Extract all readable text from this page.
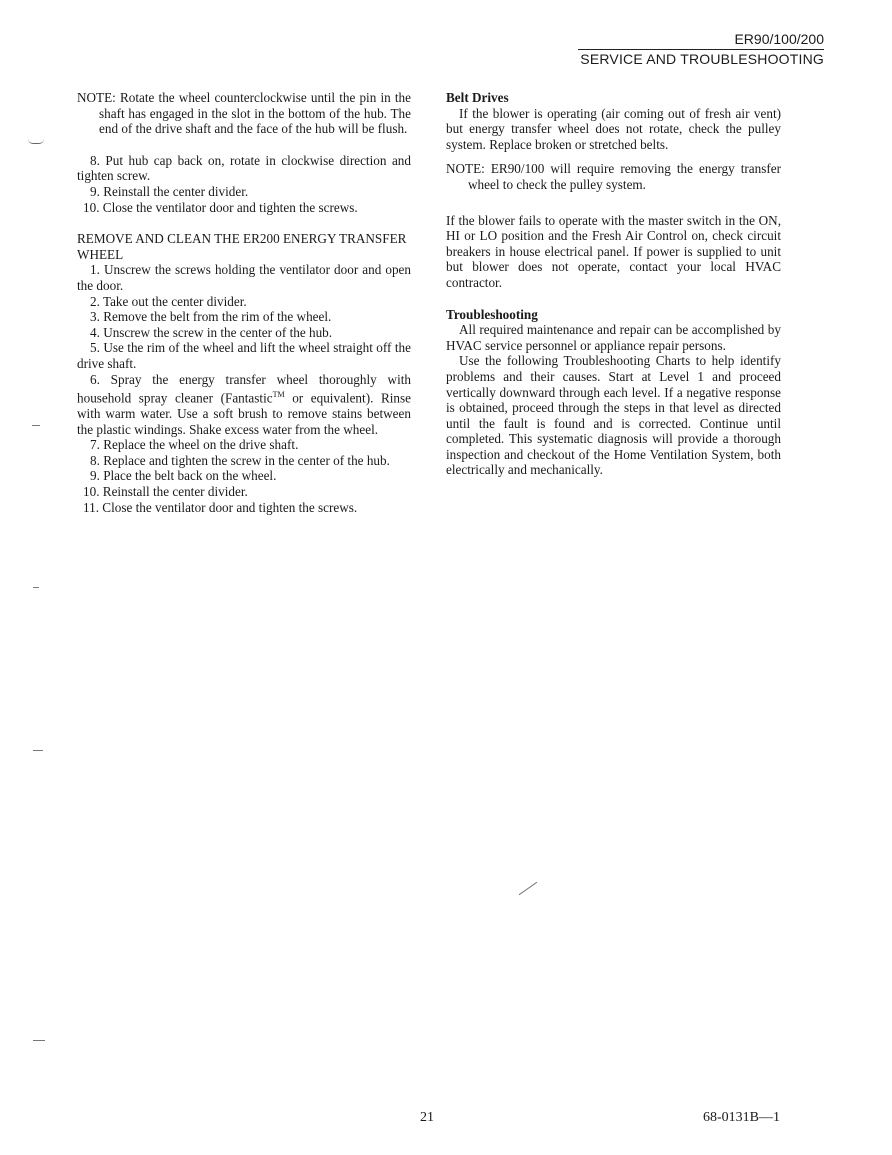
ER90/100/200
SERVICE AND TROUBLESHOOTING

NOTE: Rotate the wheel counterclockwise until the pin in the shaft has engaged in the slot in the bottom of the hub. The end of the drive shaft and the face of the hub will be flush.

8. Put hub cap back on, rotate in clockwise direction and tighten screw.

9. Reinstall the center divider.

10. Close the ventilator door and tighten the screws.

REMOVE AND CLEAN THE ER200 ENERGY TRANSFER WHEEL

1. Unscrew the screws holding the ventilator door and open the door.

2. Take out the center divider.

3. Remove the belt from the rim of the wheel.

4. Unscrew the screw in the center of the hub.

5. Use the rim of the wheel and lift the wheel straight off the drive shaft.

6. Spray the energy transfer wheel thoroughly with household spray cleaner (Fantastic™ or equivalent). Rinse with warm water. Use a soft brush to remove stains between the plastic windings. Shake excess water from the wheel.

7. Replace the wheel on the drive shaft.

8. Replace and tighten the screw in the center of the hub.

9. Place the belt back on the wheel.

10. Reinstall the center divider.

11. Close the ventilator door and tighten the screws.

Belt Drives

If the blower is operating (air coming out of fresh air vent) but energy transfer wheel does not rotate, check the pulley system. Replace broken or stretched belts.

NOTE: ER90/100 will require removing the energy transfer wheel to check the pulley system.

If the blower fails to operate with the master switch in the ON, HI or LO position and the Fresh Air Control on, check circuit breakers in house electrical panel. If power is supplied to unit but blower does not operate, contact your local HVAC contractor.

Troubleshooting

All required maintenance and repair can be accomplished by HVAC service personnel or appliance repair persons.

Use the following Troubleshooting Charts to help identify problems and their causes. Start at Level 1 and proceed vertically downward through each level. If a negative response is obtained, proceed through the steps in that level as directed until the fault is found and is corrected. Continue until completed. This systematic diagnosis will provide a thorough inspection and checkout of the Home Ventilation System, both electrically and mechanically.

21	68-0131B—1
